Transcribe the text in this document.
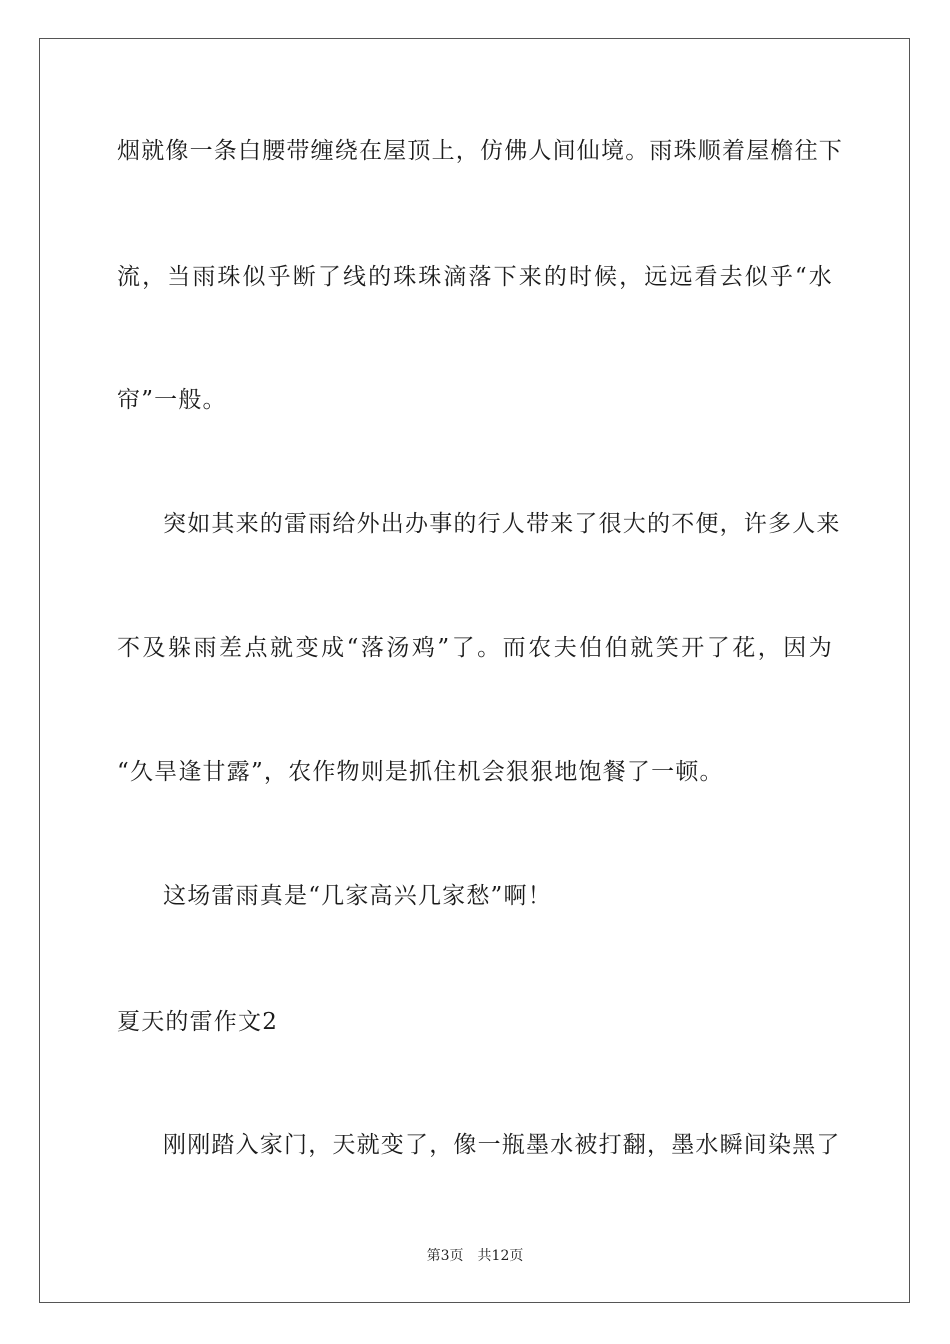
烟就像一条白腰带缠绕在屋顶上，仿佛人间仙境。雨珠顺着屋檐往下
流，当雨珠似乎断了线的珠珠滴落下来的时候，远远看去似乎“水
帘”一般。
突如其来的雷雨给外出办事的行人带来了很大的不便，许多人来
不及躲雨差点就变成“落汤鸡”了。而农夫伯伯就笑开了花，因为
“久旱逢甘露”，农作物则是抓住机会狠狠地饱餐了一顿。
这场雷雨真是“几家高兴几家愁”啊！
夏天的雷作文2
刚刚踏入家门，天就变了，像一瓶墨水被打翻，墨水瞬间染黑了
第3页 共12页
